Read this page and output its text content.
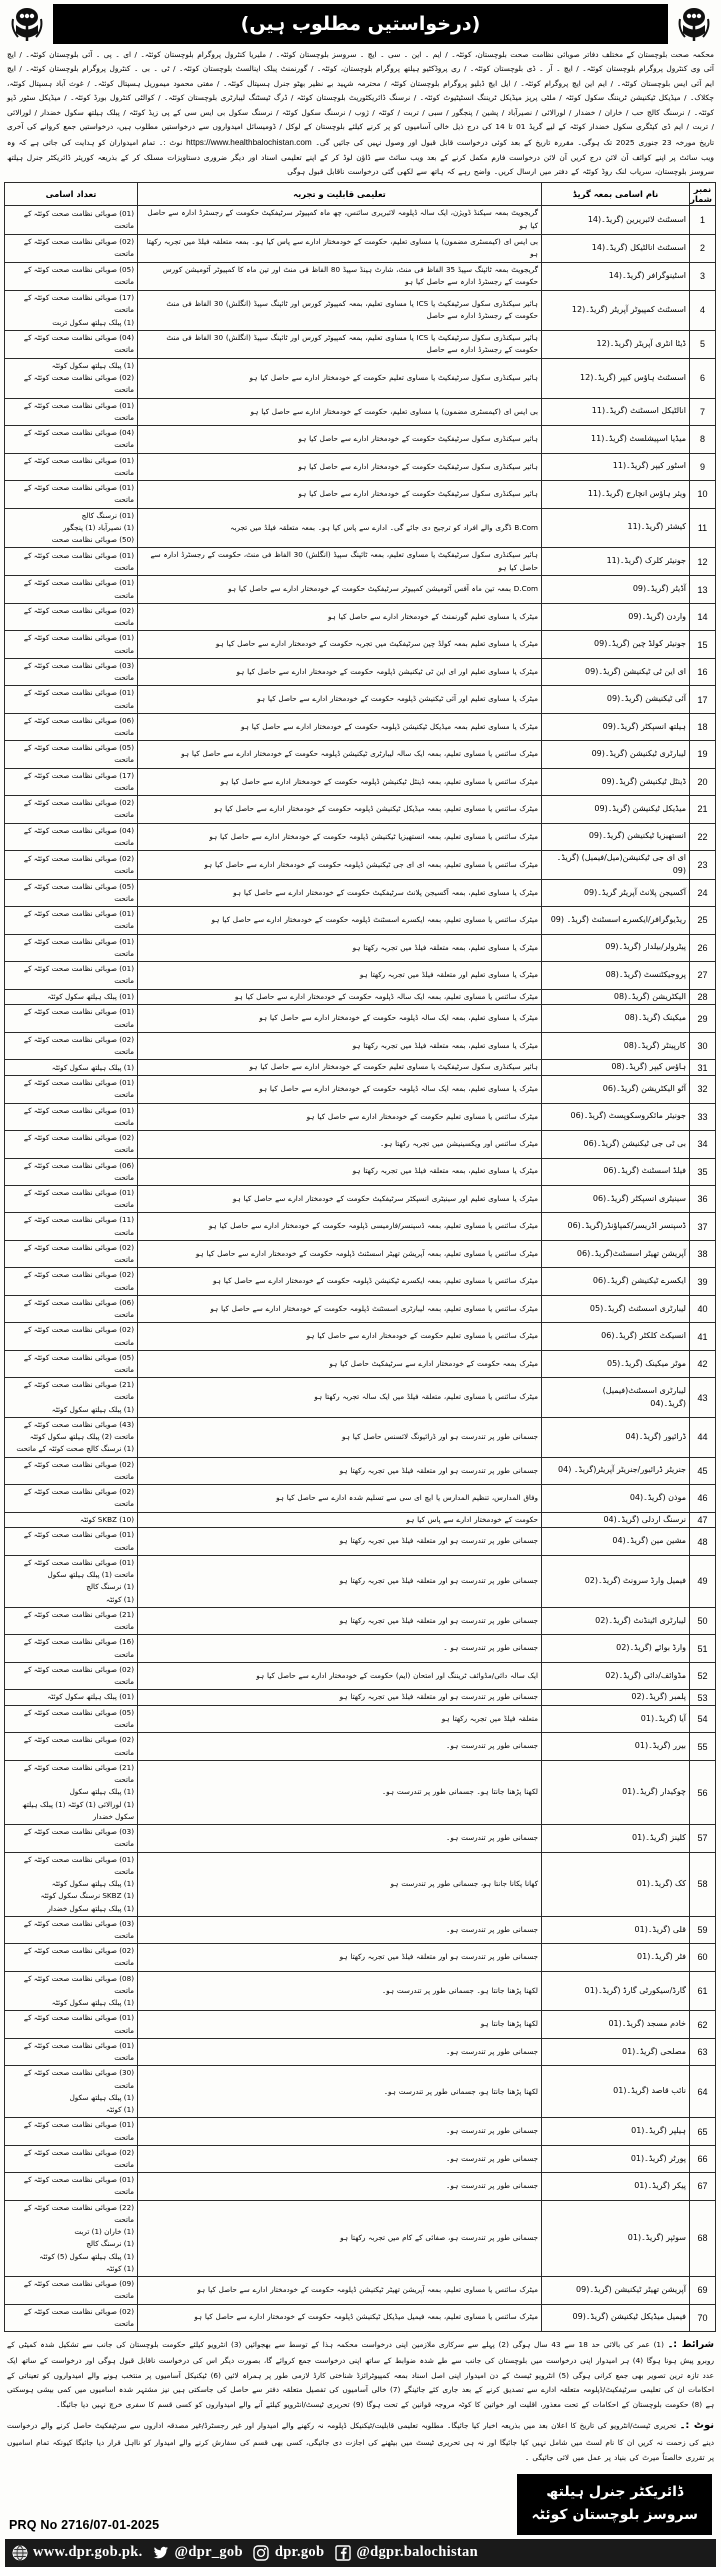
(درخواستیں مطلوب ہیں)
محکمہ صحت بلوچستان کے مختلف دفاتر صوبائی نظامت صحت بلوچستان، کوئٹہ۔ / ایم ۔ این ۔ سی ۔ ایچ ۔ سروسز بلوچستان کوئٹہ۔ / ملیریا کنٹرول پروگرام بلوچستان کوئٹہ۔ / ای ۔ پی ۔ آئی بلوچستان کوئٹہ۔ / ایچ آئی وی کنٹرول پروگرام بلوچستان کوئٹہ۔ / ایچ ۔ آر ۔ ڈی بلوچستان کوئٹہ۔ / ری پروڈکٹیو ہیلتھ پروگرام بلوچستان، کوئٹہ۔ / گورنمنٹ پبلک اینالسٹ بلوچستان کوئٹہ۔ / ٹی ۔ بی ۔ کنٹرول پروگرام بلوچستان کوئٹہ۔ / ایچ ایم آئی ایس بلوچستان کوئٹہ۔ / ایم این ایچ پروگرام کوئٹہ۔ / ایل ایچ ڈبلیو پروگرام بلوچستان کوئٹہ / محترمہ شہید بے نظیر بھٹو جنرل ہسپتال کوئٹہ۔ / مفتی محمود میموریل ہسپتال کوئٹہ۔ / غوث آباد ہسپتال کوئٹہ، چکلاک۔ / میڈیکل ٹیکنیشن ٹریننگ سکول کوئٹہ / ملٹی پرپز میڈیکل ٹریننگ انسٹیٹیوٹ کوئٹہ۔ / نرسنگ ڈائریکٹوریٹ بلوچستان کوئٹہ / ڈرگ ٹیسٹنگ لیبارٹری بلوچستان کوئٹہ۔ / کوالٹی کنٹرول بورڈ کوئٹہ۔ / میڈیکل سٹور ڈپو کوئٹہ۔ / نرسنگ کالج حب / خاران / خضدار / لورالائی / نصیرآباد / پشین / پنجگور / سبی / تربت / کوئٹہ / ژوب / نرسنگ سکول کوئٹہ / نرسنگ سکول بی ایس سی کے پی زیڈ کوئٹہ / پبلک ہیلتھ سکول خضدار / لورالائی / تربت / ایم ڈی کیٹگری سکول خضدار کوئٹہ کے لیے گریڈ 01 تا 14 کی درج ذیل خالی آسامیوں کو پر کرنے کیلئے بلوچستان کے لوکل / ڈومیسائل امیدواروں سے درخواستیں مطلوب ہیں، درخواستیں جمع کروانے کی آخری تاریخ مورخہ 23 جنوری 2025 تک ہوگی۔ مقررہ تاریخ کے بعد کوئی درخواست قابل قبول اور وصول نہیں کی جائیں گی۔ https://www.healthbalochistan.com نوٹ :۔ تمام امیدواران کو ہدایت کی جاتی ہے کہ وہ ویب سائٹ پر اپنے کوائف آن لائن درج کریں آن لائن درخواست فارم مکمل کرنے کے بعد ویب سائٹ سے ڈاؤن لوڈ کر کے اپنے تعلیمی اسناد اور دیگر ضروری دستاویزات مسلک کر کے بذریعہ کوریئر ڈائریکٹر جنرل ہیلتھ سروسز بلوچستان، سریاب لنک روڈ کوئٹہ کے دفتر میں ارسال کریں۔ واضح رہے کہ ہاتھ سے لکھی گئی درخواست ناقابل قبول ہوگی
نمبر شمار	نام اسامی بمعہ گریڈ	تعلیمی قابلیت و تجربہ	تعداد اسامی
1	اسسٹنٹ لائبریرین (گریڈ۔(14	گریجویٹ بمعہ سیکنڈ ڈویژن، ایک سالہ ڈپلومہ لائبریری سائنس، چھ ماہ کمپیوٹر سرٹیفکیٹ حکومت کے رجسٹرڈ ادارہ سے حاصل کیا ہو	(01) صوبائی نظامت صحت کوئٹہ کے ماتحت
2	اسسٹنٹ انالٹیکل (گریڈ۔(14	بی ایس ای (کیمسٹری مضمون) یا مساوی تعلیم، حکومت کے خودمختار ادارے سے پاس کیا ہو۔ بمعہ متعلقہ فیلڈ میں تجربہ رکھتا ہو	(02) صوبائی نظامت صحت کوئٹہ کے ماتحت
3	اسٹینوگرافر (گریڈ۔(14	گریجویٹ بمعہ ٹائپنگ سپیڈ 35 الفاظ فی منٹ، شارٹ ہینڈ سپیڈ 80 الفاظ فی منٹ اور تین ماہ کا کمپیوٹر آٹومیشن کورس حکومت کے رجسٹرڈ ادارہ سے حاصل کیا ہو	(05) صوبائی نظامت صحت کوئٹہ کے ماتحت
4	اسسٹنٹ کمپیوٹر آپریٹر (گریڈ۔(12	ہائیر سیکنڈری سکول سرٹیفکیٹ یا ICS یا مساوی تعلیم، بمعہ کمپیوٹر کورس اور ٹائپنگ سپیڈ (انگلش) 30 الفاظ فی منٹ حکومت کے رجسٹرڈ ادارہ سے حاصل	(17) صوبائی نظامت صحت کوئٹہ کے ماتحت
(1) پبلک ہیلتھ سکول تربت
5	ڈیٹا انٹری آپریٹر (گریڈ۔(12	ہائیر سیکنڈری سکول سرٹیفکیٹ یا ICS یا مساوی تعلیم، بمعہ کمپیوٹر کورس اور ٹائپنگ سپیڈ (انگلش) 30 الفاظ فی منٹ حکومت کے رجسٹرڈ ادارہ سے حاصل	(04) صوبائی نظامت صحت کوئٹہ کے ماتحت
6	اسسٹنٹ ہاؤس کیپر (گریڈ۔(12	ہائیر سیکنڈری سکول سرٹیفکیٹ یا مساوی تعلیم حکومت کے خودمختار ادارے سے حاصل کیا ہو	(1) پبلک ہیلتھ سکول کوئٹہ
(02) صوبائی نظامت صحت کوئٹہ کے ماتحت
7	انالٹیکل اسسٹنٹ (گریڈ۔(11	بی ایس ای (کیمسٹری مضمون) یا مساوی تعلیم، حکومت کے خودمختار ادارے سے حاصل کیا ہو	(01) صوبائی نظامت صحت کوئٹہ کے ماتحت
8	میڈیا اسپیشلسٹ (گریڈ۔(11	ہائیر سیکنڈری سکول سرٹیفکیٹ حکومت کے خودمختار ادارے سے حاصل کیا ہو	(04) صوبائی نظامت صحت کوئٹہ کے ماتحت
9	اسٹور کیپر (گریڈ۔(11	ہائیر سیکنڈری سکول سرٹیفکیٹ حکومت کے خودمختار ادارے سے حاصل کیا ہو	(01) صوبائی نظامت صحت کوئٹہ کے ماتحت
10	ویئر ہاؤس انچارج (گریڈ۔(11	ہائیر سیکنڈری سکول سرٹیفکیٹ حکومت کے خودمختار ادارے سے حاصل کیا ہو	(01) صوبائی نظامت صحت کوئٹہ کے ماتحت
11	کیشئر (گریڈ۔(11	B.Com ڈگری والے افراد کو ترجیح دی جائے گی۔ ادارے سے پاس کیا ہو۔ بمعہ متعلقہ فیلڈ میں تجربہ	(01) نرسنگ کالج
(1) نصیرآباد (1) پنجگور
(50) صوبائی نظامت صحت
12	جونیئر کلرک (گریڈ۔(11	ہائیر سیکنڈری سکول سرٹیفکیٹ یا مساوی تعلیم، بمعہ ٹائپنگ سپیڈ (انگلش) 30 الفاظ فی منٹ، حکومت کے رجسٹرڈ ادارہ سے حاصل کیا ہو	(01) صوبائی نظامت صحت کوئٹہ کے ماتحت
13	آڈیٹر (گریڈ۔(09	D.Com بمعہ تین ماہ آفس آٹومیشن کمپیوٹر سرٹیفکیٹ حکومت کے خودمختار ادارے سے حاصل کیا ہو	(01) صوبائی نظامت صحت کوئٹہ کے ماتحت
14	واردن (گریڈ۔(09	میٹرک یا مساوی تعلیم گورنمنٹ کے خودمختار ادارے سے حاصل کیا ہو	(02) صوبائی نظامت صحت کوئٹہ کے ماتحت
15	جونیئر کولڈ چین (گریڈ۔(09	میٹرک یا مساوی تعلیم بمعہ کولڈ چین سرٹیفکیٹ میں تجربہ حکومت کے خودمختار ادارے سے حاصل کیا ہو	(01) صوبائی نظامت صحت کوئٹہ کے ماتحت
16	ای این ٹی ٹیکنیشن (گریڈ۔(09	میٹرک یا مساوی تعلیم اور ای این ٹی ٹیکنیشن ڈپلومہ حکومت کے خودمختار ادارے سے حاصل کیا ہو	(03) صوبائی نظامت صحت کوئٹہ کے ماتحت
17	آئی ٹیکنیشن (گریڈ۔(09	میٹرک یا مساوی تعلیم اور آئی ٹیکنیشن ڈپلومہ حکومت کے خودمختار ادارے سے حاصل کیا ہو	(01) صوبائی نظامت صحت کوئٹہ کے ماتحت
18	ہیلتھ انسپکٹر (گریڈ۔(09	میٹرک یا مساوی تعلیم بمعہ میڈیکل ٹیکنیشن ڈپلومہ حکومت کے خودمختار ادارے سے حاصل کیا ہو	(06) صوبائی نظامت صحت کوئٹہ کے ماتحت
19	لیبارٹری ٹیکنیشن (گریڈ۔(09	میٹرک سائنس یا مساوی تعلیم، بمعہ ایک سالہ لیبارٹری ٹیکنیشن ڈپلومہ حکومت کے خودمختار ادارے سے حاصل کیا ہو	(05) صوبائی نظامت صحت کوئٹہ کے ماتحت
20	ڈینٹل ٹیکنیشن (گریڈ۔(09	میٹرک سائنس یا مساوی تعلیم، بمعہ ڈینٹل ٹیکنیشن ڈپلومہ حکومت کے خودمختار ادارے سے حاصل کیا ہو	(17) صوبائی نظامت صحت کوئٹہ کے ماتحت
21	میڈیکل ٹیکنیشن (گریڈ۔(09	میٹرک سائنس یا مساوی تعلیم، بمعہ میڈیکل ٹیکنیشن ڈپلومہ حکومت کے خودمختار ادارے سے حاصل کیا ہو	(02) صوبائی نظامت صحت کوئٹہ کے ماتحت
22	انستھیزیا ٹیکنیشن (گریڈ۔(09	میٹرک سائنس یا مساوی تعلیم، بمعہ انستھیزیا ٹیکنیشن ڈپلومہ حکومت کے خودمختار ادارے سے حاصل کیا ہو	(04) صوبائی نظامت صحت کوئٹہ کے ماتحت
23	ای ای جی ٹیکنیشن(میل/فیمیل) (گریڈ۔(09	میٹرک سائنس یا مساوی تعلیم، بمعہ ای ای جی ٹیکنیشن ڈپلومہ حکومت کے خودمختار ادارے سے حاصل کیا ہو	(02) صوبائی نظامت صحت کوئٹہ کے ماتحت
24	آکسیجن پلانٹ آپریٹر گریڈ۔(09	میٹرک یا مساوی تعلیم، بمعہ آکسیجن پلانٹ سرٹیفکیٹ حکومت کے خودمختار ادارے سے حاصل کیا ہو	(05) صوبائی نظامت صحت کوئٹہ کے ماتحت
25	ریڈیوگرافر/ایکسرے اسسٹنٹ (گریڈ۔ (09	میٹرک سائنس یا مساوی تعلیم، بمعہ ایکسرے اسسٹنٹ ڈپلومہ حکومت کے خودمختار ادارے سے حاصل کیا ہو	(01) صوبائی نظامت صحت کوئٹہ کے ماتحت
26	پیٹرولر/بیلدار (گریڈ۔(09	میٹرک یا مساوی تعلیم، بمعہ متعلقہ فیلڈ میں تجربہ رکھتا ہو	(01) صوبائی نظامت صحت کوئٹہ کے ماتحت
27	پروجیکٹنسٹ (گریڈ۔(08	میٹرک یا مساوی تعلیم اور متعلقہ فیلڈ میں تجربہ رکھتا ہو	(01) صوبائی نظامت صحت کوئٹہ کے ماتحت
28	الیکٹریشن (گریڈ۔(08	میٹرک سائنس یا مساوی تعلیم، بمعہ ایک سالہ ڈپلومہ حکومت کے خودمختار ادارے سے حاصل کیا ہو	(01) پبلک ہیلتھ سکول کوئٹہ
29	میکینک (گریڈ۔(08	میٹرک یا مساوی تعلیم، بمعہ ایک سالہ ڈپلومہ حکومت کے خودمختار ادارے سے حاصل کیا ہو	(01) صوبائی نظامت صحت کوئٹہ کے ماتحت
30	کارپینٹر (گریڈ۔(08	میٹرک یا مساوی تعلیم، بمعہ متعلقہ فیلڈ میں تجربہ رکھتا ہو	(02) صوبائی نظامت صحت کوئٹہ کے ماتحت
31	ہاؤس کیپر (گریڈ۔(08	ہائیر سیکنڈری سکول سرٹیفکیٹ یا مساوی تعلیم حکومت کے خودمختار ادارے سے حاصل کیا ہو	(1) پبلک ہیلتھ سکول کوئٹہ
32	آٹو الیکٹریشن (گریڈ۔(06	میٹرک یا مساوی تعلیم، بمعہ ایک سالہ ڈپلومہ حکومت کے خودمختار ادارے سے حاصل کیا ہو	(01) صوبائی نظامت صحت کوئٹہ کے ماتحت
33	جونیئر مائکروسکوپسٹ (گریڈ۔(06	میٹرک سائنس یا مساوی تعلیم حکومت کے خودمختار ادارے سے حاصل کیا ہو	(01) صوبائی نظامت صحت کوئٹہ کے ماتحت
34	بی ٹی جی ٹیکنیشن (گریڈ۔(06	میٹرک سائنس اور ویکسینیشن میں تجربہ رکھتا ہو۔	(02) صوبائی نظامت صحت کوئٹہ کے ماتحت
35	فیلڈ اسسٹنٹ (گریڈ۔(06	میٹرک یا مساوی تعلیم، بمعہ متعلقہ فیلڈ میں تجربہ رکھتا ہو	(06) صوبائی نظامت صحت کوئٹہ کے ماتحت
36	سینیٹری انسپکٹر (گریڈ۔(06	میٹرک یا مساوی تعلیم اور سینیٹری انسپکٹر سرٹیفکیٹ حکومت کے خودمختار ادارے سے حاصل کیا ہو	(01) صوبائی نظامت صحت کوئٹہ کے ماتحت
37	ڈسپنسر اڈریسر/کمپاؤنڈر(گریڈ۔(06	میٹرک سائنس یا مساوی تعلیم، بمعہ ڈسپنسر/فارمیسی ڈپلومہ حکومت کے خودمختار ادارے سے حاصل کیا ہو	(11) صوبائی نظامت صحت کوئٹہ کے ماتحت
38	آپریشن تھیٹر اسسٹنٹ(گریڈ۔(06	میٹرک سائنس یا مساوی تعلیم، بمعہ آپریشن تھیٹر اسسٹنٹ ڈپلومہ حکومت کے خودمختار ادارے سے حاصل کیا ہو	(02) صوبائی نظامت صحت کوئٹہ کے ماتحت
39	ایکسرے ٹیکنیشن (گریڈ۔(06	میٹرک سائنس یا مساوی تعلیم، بمعہ ایکسرے ٹیکنیشن ڈپلومہ حکومت کے خودمختار ادارے سے حاصل کیا ہو	(02) صوبائی نظامت صحت کوئٹہ کے ماتحت
40	لیبارٹری اسسٹنٹ (گریڈ۔(05	میٹرک سائنس یا مساوی تعلیم، بمعہ لیبارٹری اسسٹنٹ ڈپلومہ حکومت کے خودمختار ادارے سے حاصل کیا ہو	(06) صوبائی نظامت صحت کوئٹہ کے ماتحت
41	انسیکٹ کلکٹر (گریڈ۔(06	میٹرک سائنس یا مساوی تعلیم حکومت کے خودمختار ادارے سے حاصل کیا ہو	(02) صوبائی نظامت صحت کوئٹہ کے ماتحت
42	موٹر میکینک (گریڈ۔(05	میٹرک بمعہ حکومت کے خودمختار ادارے سے سرٹیفکیٹ حاصل کیا ہو	(05) صوبائی نظامت صحت کوئٹہ کے ماتحت
43	لیبارٹری اسسٹنٹ(فیمیل)
(گریڈ۔(04	میٹرک سائنس یا مساوی تعلیم، متعلقہ فیلڈ میں ایک سالہ تجربہ رکھتا ہو	(21) صوبائی نظامت صحت کوئٹہ کے ماتحت
(1) پبلک ہیلتھ سکول کوئٹہ
44	ڈرائیور (گریڈ۔(04	جسمانی طور پر تندرست ہو اور ڈرائیونگ لائسنس حاصل کیا ہو	(43) صوبائی نظامت صحت کوئٹہ کے ماتحت (2) پبلک ہیلتھ سکول کوئٹہ
(1) نرسنگ کالج صحت کوئٹہ کے ماتحت
45	جنریٹر ڈرائیور/جنریٹر آپریٹر(گریڈ۔ (04	جسمانی طور پر تندرست ہو اور متعلقہ فیلڈ میں تجربہ رکھتا ہو	(02) صوبائی نظامت صحت کوئٹہ کے ماتحت
46	موذن (گریڈ۔(04	وفاق المدارس، تنظیم المدارس یا ایچ ای سی سے تسلیم شدہ ادارے سے حاصل کیا ہو	(02) صوبائی نظامت صحت کوئٹہ کے ماتحت
47	نرسنگ اردلی (گریڈ۔(04	حکومت کے خودمختار ادارے سے پاس کیا ہو	(10) SKBZ کوئٹہ
48	مشین مین (گریڈ۔(04	جسمانی طور پر تندرست ہو اور متعلقہ فیلڈ میں تجربہ رکھتا ہو	(01) صوبائی نظامت صحت کوئٹہ کے ماتحت
49	فیمیل وارڈ سرونٹ (گریڈ۔(02	جسمانی طور پر تندرست ہو اور متعلقہ فیلڈ میں تجربہ رکھتا ہو	(01) صوبائی نظامت صحت کوئٹہ کے ماتحت (1) پبلک ہیلتھ سکول
(1) نرسنگ کالج
(1) کوئٹہ
50	لیبارٹری اٹینڈنٹ (گریڈ۔(02	جسمانی طور پر تندرست ہو اور متعلقہ فیلڈ میں تجربہ رکھتا ہو	(21) صوبائی نظامت صحت کوئٹہ کے ماتحت
51	وارڈ بوائے (گریڈ۔(02	جسمانی طور پر تندرست ہو ۔	(16) صوبائی نظامت صحت کوئٹہ کے ماتحت
52	مڈوائف/دائی (گریڈ۔(02	ایک سالہ دائی/مڈوائف ٹریننگ اور امتحان (ایم) حکومت کے خودمختار ادارے سے حاصل کیا ہو	(02) صوبائی نظامت صحت کوئٹہ کے ماتحت
53	پلمبر (گریڈ۔(02	جسمانی طور پر تندرست ہو اور متعلقہ فیلڈ میں تجربہ رکھتا ہو	(01) پبلک ہیلتھ سکول کوئٹہ
54	آیا (گریڈ۔(01	متعلقہ فیلڈ میں تجربہ رکھتا ہو	(05) صوبائی نظامت صحت کوئٹہ کے ماتحت
55	بیرر (گریڈ۔(01	جسمانی طور پر تندرست ہو۔	(02) صوبائی نظامت صحت کوئٹہ کے ماتحت
56	چوکیدار (گریڈ۔(01	لکھنا پڑھنا جانتا ہو۔ جسمانی طور پر تندرست ہو۔	(21) صوبائی نظامت صحت کوئٹہ کے ماتحت
(1) پبلک ہیلتھ سکول
(1) لورالائی (1) کوئٹہ (1) پبلک ہیلتھ سکول خضدار
57	کلینز (گریڈ۔(01	جسمانی طور پر تندرست ہو۔	(03) صوبائی نظامت صحت کوئٹہ کے ماتحت
58	کک (گریڈ۔(01	کھانا پکانا جانتا ہو، جسمانی طور پر تندرست ہو	(01) صوبائی نظامت صحت کوئٹہ کے ماتحت
(1) پبلک ہیلتھ سکول کوئٹہ
(1) SKBZ نرسنگ سکول کوئٹہ
(1) پبلک ہیلتھ سکول خضدار
59	قلی (گریڈ۔(01	جسمانی طور پر تندرست ہو۔	(03) صوبائی نظامت صحت کوئٹہ کے ماتحت
60	فٹر (گریڈ۔(01	جسمانی طور پر تندرست ہو اور متعلقہ فیلڈ میں تجربہ رکھتا ہو	(02) صوبائی نظامت صحت کوئٹہ کے ماتحت
61	گارڈ/سیکورٹی گارڈ (گریڈ۔(01	لکھنا پڑھنا جانتا ہو۔ جسمانی طور پر تندرست ہو۔	(08) صوبائی نظامت صحت کوئٹہ کے ماتحت
(1) پبلک ہیلتھ سکول کوئٹہ
62	خادم مسجد (گریڈ۔(01	لکھنا پڑھنا جانتا ہو	(01) صوبائی نظامت صحت کوئٹہ کے ماتحت
63	مصلحی (گریڈ۔(01	جسمانی طور پر تندرست ہو۔	(01) صوبائی نظامت صحت کوئٹہ کے ماتحت
64	نائب قاصد (گریڈ۔(01	لکھنا پڑھنا جانتا ہو، جسمانی طور پر تندرست ہو۔	(30) صوبائی نظامت صحت کوئٹہ کے ماتحت
(1) پبلک ہیلتھ سکول
(1) کوئٹہ
65	ہیلپر (گریڈ۔(01	جسمانی طور پر تندرست ہو۔	(01) صوبائی نظامت صحت کوئٹہ کے ماتحت
66	پورٹر (گریڈ۔(01	جسمانی طور پر تندرست ہو۔	(02) صوبائی نظامت صحت کوئٹہ کے ماتحت
67	پیکر (گریڈ۔(01	جسمانی طور پر تندرست ہو۔	(01) صوبائی نظامت صحت کوئٹہ کے ماتحت
68	سوئپر (گریڈ۔(01	جسمانی طور پر تندرست ہو، صفائی کے کام میں تجربہ رکھتا ہو	(22) صوبائی نظامت صحت کوئٹہ کے ماتحت
(1) خاران (1) تربت
(1) نرسنگ کالج
(1) پبلک ہیلتھ سکول (5) کوئٹہ
(1) کوئٹہ
69	آپریشن تھیٹر ٹیکنیشن (گریڈ۔(09	میٹرک سائنس یا مساوی تعلیم، بمعہ آپریشن تھیٹر ٹیکنیشن ڈپلومہ حکومت کے خودمختار ادارے سے حاصل کیا ہو	(09) صوبائی نظامت صحت کوئٹہ کے ماتحت
70	فیمیل میڈیکل ٹیکنیشن (گریڈ۔(09	میٹرک سائنس یا مساوی تعلیم، بمعہ فیمیل میڈیکل ٹیکنیشن ڈپلومہ حکومت کے خودمختار ادارے سے حاصل کیا ہو	(02) صوبائی نظامت صحت کوئٹہ کے ماتحت
شرائط :۔ (1) عمر کی بالائی حد 18 سے 43 سال ہوگی (2) پہلے سے سرکاری ملازمین اپنی درخواست محکمہ ہذا کے توسط سے بھجوائیں (3) انٹرویو کیلئے حکومت بلوچستان کی جانب سے تشکیل شدہ کمیٹی کے روبرو پیش ہونا ہوگا (4) ہر امیدوار اپنی درخواست میں بلوچستان کی جانب سے طے شدہ ضوابط کے ساتھ اپنی درخواست جمع کروائے گا، بصورت دیگر اس کی درخواست ناقابل قبول ہوگی اور درخواست کے ساتھ ایک عدد تازہ ترین تصویر بھی جمع کرانی ہوگی (5) انٹرویو ٹیسٹ کے دن امیدوار اپنی اصل اسناد بمعہ کمپیوٹرائزڈ شناختی کارڈ لازمی طور پر ہمراہ لائیں (6) ٹیکنیکل آسامیوں پر منتخب ہونے والے امیدواروں کو تعیناتی کے احکامات ان کی تعلیمی سرٹیفکیٹ/ڈپلومہ متعلقہ ادارے سے تصدیق کرنے کے بعد جاری کئے جائینگے (7) خالی آسامیوں کی تفصیل متعلقہ دفتر سے حاصل کی جاسکتی ہیں نیز مشتہر شدہ اسامیوں میں کمی بیشی ہوسکتی ہے (8) حکومت بلوچستان کے احکامات کے تحت معذور، اقلیت اور خواتین کا کوٹہ مروجہ قوانین کے تحت ہوگا (9) تحریری ٹیسٹ/انٹرویو کیلئے آنے والے امیدواروں کو کسی قسم کا سفری خرچ نہیں دیا جائیگا۔
نوٹ :۔ تحریری ٹیسٹ/انٹرویو کی تاریخ کا اعلان بعد میں بذریعہ اخبار کیا جائیگا۔ مطلوبہ تعلیمی قابلیت/ٹیکنیکل ڈپلومہ نہ رکھنے والے امیدوار اور غیر رجسٹرڈ/غیر مصدقہ اداروں سے سرٹیفکیٹ حاصل کرنے والے درخواست دینے کی زحمت نہ کریں ان کا نام لسٹ میں شامل نہیں کیا جائیگا اور نہ ہی تحریری ٹیسٹ میں بیٹھنے کی اجازت دی جائیگی، کسی بھی قسم کی سفارش کرنے والے امیدوار کو نااہل قرار دیا جائیگا کیونکہ تمام اسامیوں پر تقرری خالصتاً میرٹ کی بنیاد پر عمل میں لائی جائیگی ۔
ڈائریکٹر جنرل ہیلتھ
سروسز بلوچستان کوئٹہ
PRQ No 2716/07-01-2025
www.dpr.gob.pk. @dpr_gob dpr.gob @dgpr.balochistan
